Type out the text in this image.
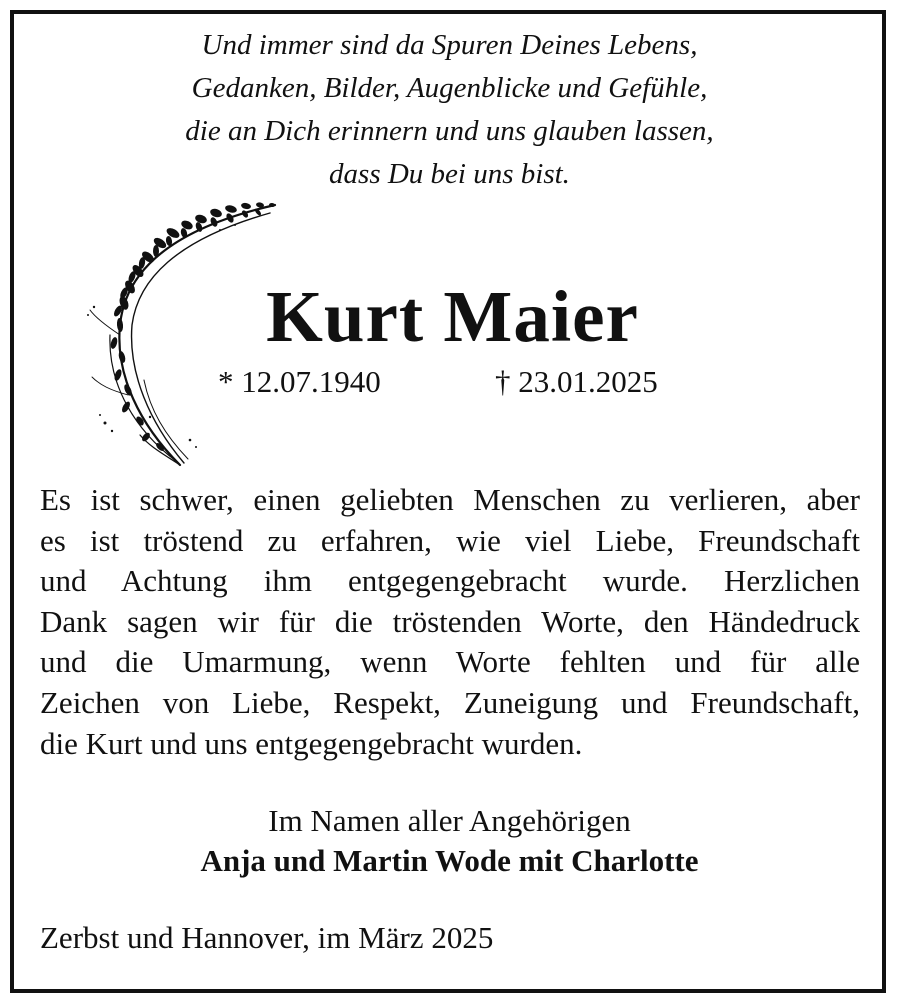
Und immer sind da Spuren Deines Lebens,
Gedanken, Bilder, Augenblicke und Gefühle,
die an Dich erinnern und uns glauben lassen,
dass Du bei uns bist.
Kurt Maier
* 12.07.1940	† 23.01.2025
Es ist schwer, einen geliebten Menschen zu verlieren, aber
es ist tröstend zu erfahren, wie viel Liebe, Freundschaft
und Achtung ihm entgegengebracht wurde. Herzlichen
Dank sagen wir für die tröstenden Worte, den Händedruck
und die Umarmung, wenn Worte fehlten und für alle
Zeichen von Liebe, Respekt, Zuneigung und Freundschaft,
die Kurt und uns entgegengebracht wurden.
Im Namen aller Angehörigen
Anja und Martin Wode mit Charlotte
Zerbst und Hannover, im März 2025
